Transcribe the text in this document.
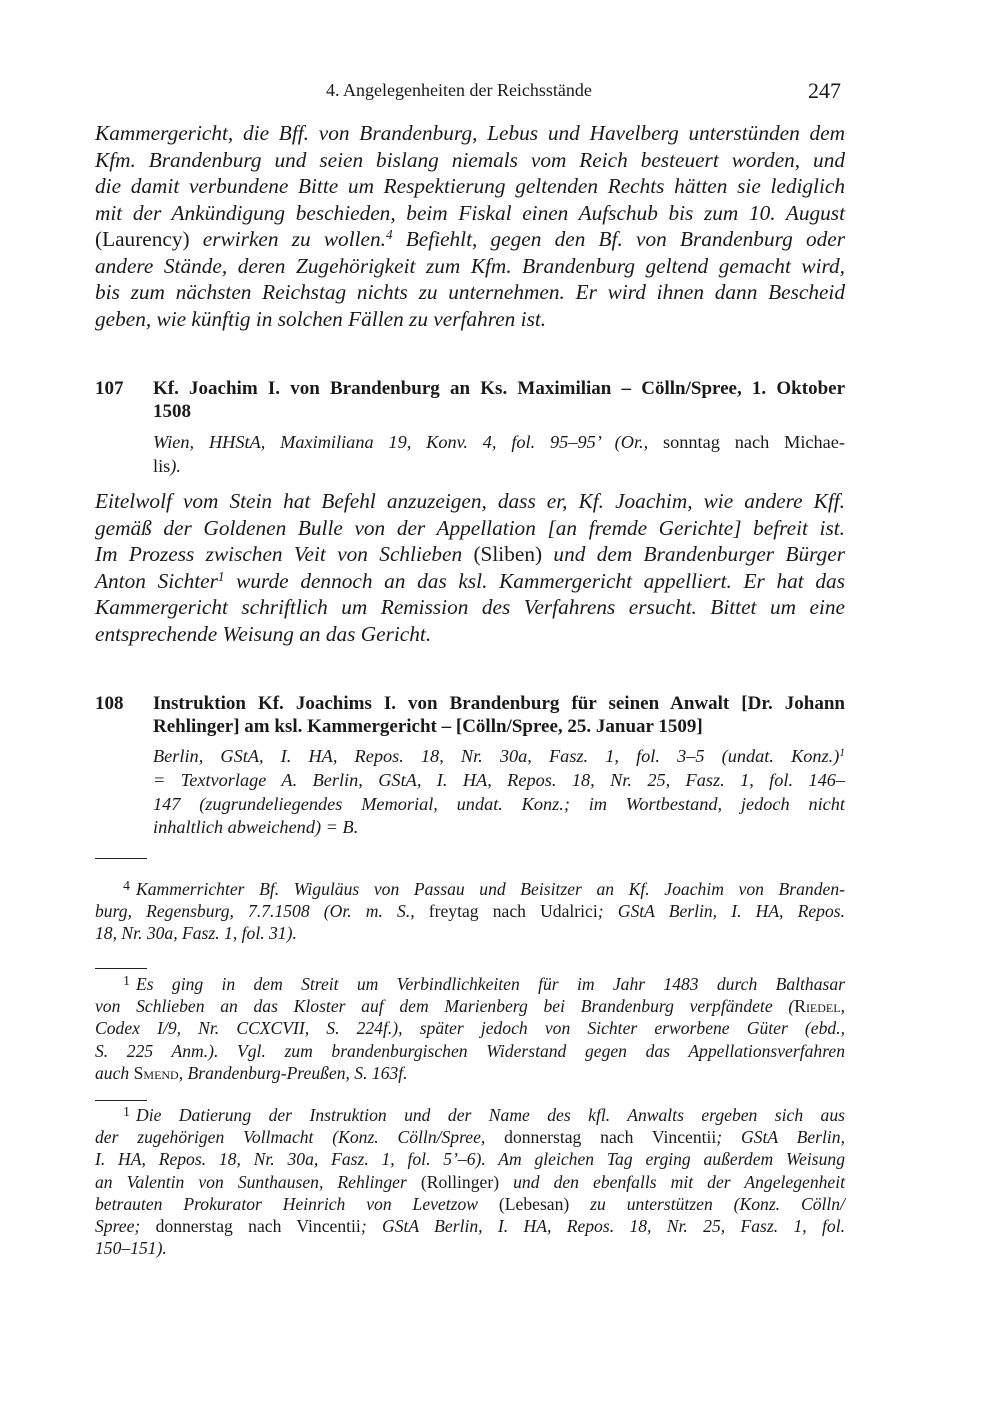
4. Angelegenheiten der Reichsstände	247
Kammergericht, die Bff. von Brandenburg, Lebus und Havelberg unterstünden dem
Kfm. Brandenburg und seien bislang niemals vom Reich besteuert worden, und
die damit verbundene Bitte um Respektierung geltenden Rechts hätten sie lediglich
mit der Ankündigung beschieden, beim Fiskal einen Aufschub bis zum 10. August
(Laurency) erwirken zu wollen.$^4$ Befiehlt, gegen den Bf. von Brandenburg oder
andere Stände, deren Zugehörigkeit zum Kfm. Brandenburg geltend gemacht wird,
bis zum nächsten Reichstag nichts zu unternehmen. Er wird ihnen dann Bescheid
geben, wie künftig in solchen Fällen zu verfahren ist.
107 Kf. Joachim I. von Brandenburg an Ks. Maximilian – Cölln/Spree, 1. Oktober
1508
Wien, HHStA, Maximiliana 19, Konv. 4, fol. 95–95’ (Or., sonntag nach Michae-
lis).
Eitelwolf vom Stein hat Befehl anzuzeigen, dass er, Kf. Joachim, wie andere Kff.
gemäß der Goldenen Bulle von der Appellation [an fremde Gerichte] befreit ist.
Im Prozess zwischen Veit von Schlieben (Sliben) und dem Brandenburger Bürger
Anton Sichter$^1$ wurde dennoch an das ksl. Kammergericht appelliert. Er hat das
Kammergericht schriftlich um Remission des Verfahrens ersucht. Bittet um eine
entsprechende Weisung an das Gericht.
108 Instruktion Kf. Joachims I. von Brandenburg für seinen Anwalt [Dr. Johann
Rehlinger] am ksl. Kammergericht – [Cölln/Spree, 25. Januar 1509]
Berlin, GStA, I. HA, Repos. 18, Nr. 30a, Fasz. 1, fol. 3–5 (undat. Konz.)$^1$
= Textvorlage A. Berlin, GStA, I. HA, Repos. 18, Nr. 25, Fasz. 1, fol. 146–
147 (zugrundeliegendes Memorial, undat. Konz.; im Wortbestand, jedoch nicht
inhaltlich abweichend) = B.
$^4$ Kammerrichter Bf. Wiguläus von Passau und Beisitzer an Kf. Joachim von Branden-
burg, Regensburg, 7.7.1508 (Or. m. S., freytag nach Udalrici; GStA Berlin, I. HA, Repos.
18, Nr. 30a, Fasz. 1, fol. 31).
$^1$ Es ging in dem Streit um Verbindlichkeiten für im Jahr 1483 durch Balthasar
von Schlieben an das Kloster auf dem Marienberg bei Brandenburg verpfändete (Riedel,
Codex I/9, Nr. CCXCVII, S. 224f.), später jedoch von Sichter erworbene Güter (ebd.,
S. 225 Anm.). Vgl. zum brandenburgischen Widerstand gegen das Appellationsverfahren
auch Smend, Brandenburg-Preußen, S. 163f.
$^1$ Die Datierung der Instruktion und der Name des kfl. Anwalts ergeben sich aus
der zugehörigen Vollmacht (Konz. Cölln/Spree, donnerstag nach Vincentii; GStA Berlin,
I. HA, Repos. 18, Nr. 30a, Fasz. 1, fol. 5’–6). Am gleichen Tag erging außerdem Weisung
an Valentin von Sunthausen, Rehlinger (Rollinger) und den ebenfalls mit der Angelegenheit
betrauten Prokurator Heinrich von Levetzow (Lebesan) zu unterstützen (Konz. Cölln/
Spree; donnerstag nach Vincentii; GStA Berlin, I. HA, Repos. 18, Nr. 25, Fasz. 1, fol.
150–151).
